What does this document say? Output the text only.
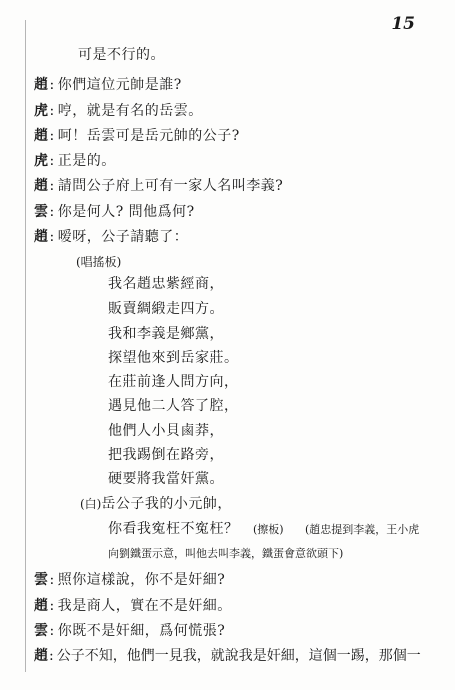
15
可是不行的。
趙: 你們這位元帥是誰?
虎: 哼，就是有名的岳雲。
趙: 呵！岳雲可是岳元帥的公子?
虎: 正是的。
趙: 請問公子府上可有一家人名叫李義?
雲: 你是何人? 問他爲何?
趙: 嗳呀，公子請聽了：
(唱搖板)
我名趙忠紫經商，
販賣綢緞走四方。
我和李義是鄉黨，
探望他來到岳家莊。
在莊前逢人問方向，
遇見他二人答了腔，
他們人小貝鹵莽，
把我踢倒在路旁，
硬要將我當奸黨。
(白)岳公子我的小元帥，
你看我寃枉不寃枉？ (擦板) (趙忠提到李義，王小虎
向劉鐵蛋示意，叫他去叫李義，鐵蛋會意欲頭下)
雲: 照你這樣說，你不是奸細?
趙: 我是商人，實在不是奸細。
雲: 你既不是奸細，爲何慌張?
趙: 公子不知，他們一見我，就說我是奸細，這個一踢，那個一
